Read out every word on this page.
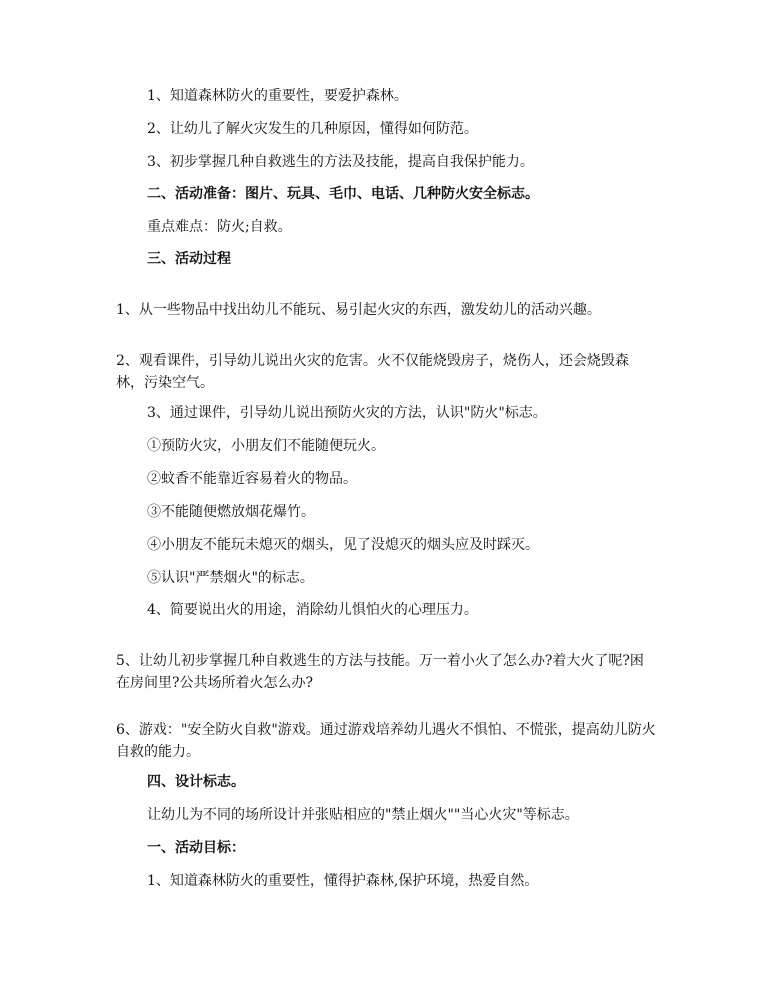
1、知道森林防火的重要性，要爱护森林。
2、让幼儿了解火灾发生的几种原因，懂得如何防范。
3、初步掌握几种自救逃生的方法及技能，提高自我保护能力。
二、活动准备：图片、玩具、毛巾、电话、几种防火安全标志。
重点难点：防火;自救。
三、活动过程
1、从一些物品中找出幼儿不能玩、易引起火灾的东西，激发幼儿的活动兴趣。
2、观看课件，引导幼儿说出火灾的危害。火不仅能烧毁房子，烧伤人，还会烧毁森林，污染空气。
3、通过课件，引导幼儿说出预防火灾的方法，认识"防火"标志。
①预防火灾，小朋友们不能随便玩火。
②蚊香不能靠近容易着火的物品。
③不能随便燃放烟花爆竹。
④小朋友不能玩未熄灭的烟头，见了没熄灭的烟头应及时踩灭。
⑤认识"严禁烟火"的标志。
4、简要说出火的用途，消除幼儿惧怕火的心理压力。
5、让幼儿初步掌握几种自救逃生的方法与技能。万一着小火了怎么办?着大火了呢?困在房间里?公共场所着火怎么办?
6、游戏："安全防火自救"游戏。通过游戏培养幼儿遇火不惧怕、不慌张，提高幼儿防火自救的能力。
四、设计标志。
让幼儿为不同的场所设计并张贴相应的"禁止烟火""当心火灾"等标志。
一、活动目标：
1、知道森林防火的重要性，懂得护森林,保护环境，热爱自然。
